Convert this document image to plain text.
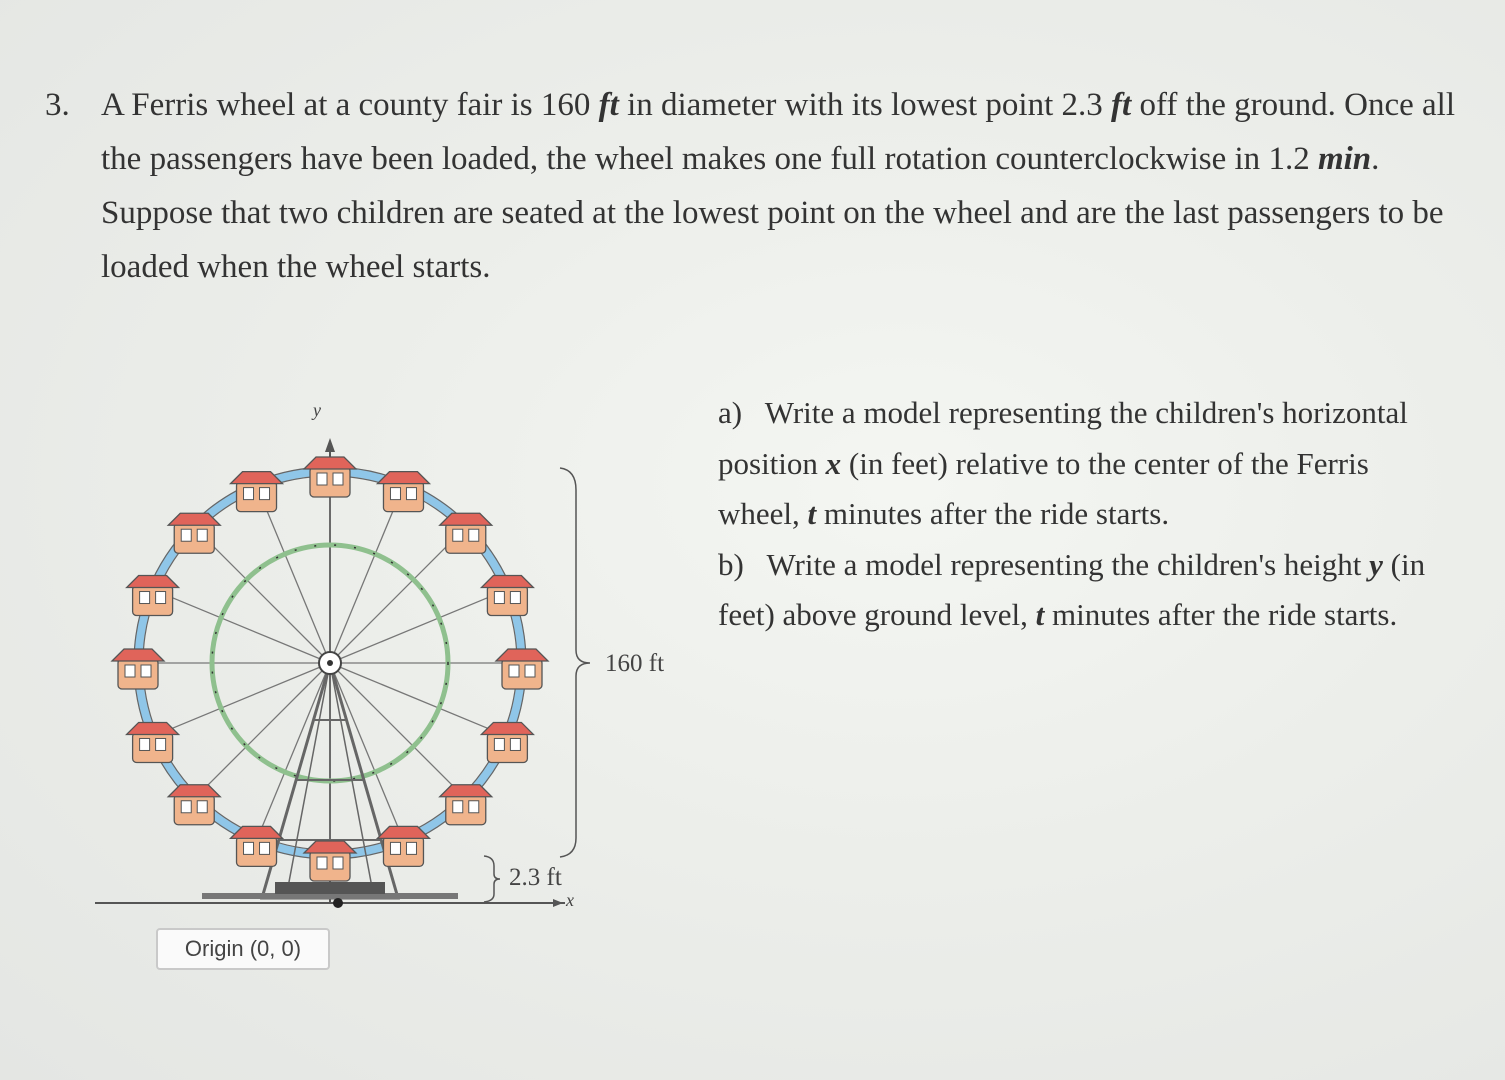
3. A Ferris wheel at a county fair is 160 ft in diameter with its lowest point 2.3 ft off the ground. Once all the passengers have been loaded, the wheel makes one full rotation counterclockwise in 1.2 min. Suppose that two children are seated at the lowest point on the wheel and are the last passengers to be loaded when the wheel starts.

a) Write a model representing the children's horizontal position x (in feet) relative to the center of the Ferris wheel, t minutes after the ride starts.

b) Write a model representing the children's height y (in feet) above ground level, t minutes after the ride starts.

y
x
160 ft
2.3 ft
Origin
(0, 0)
